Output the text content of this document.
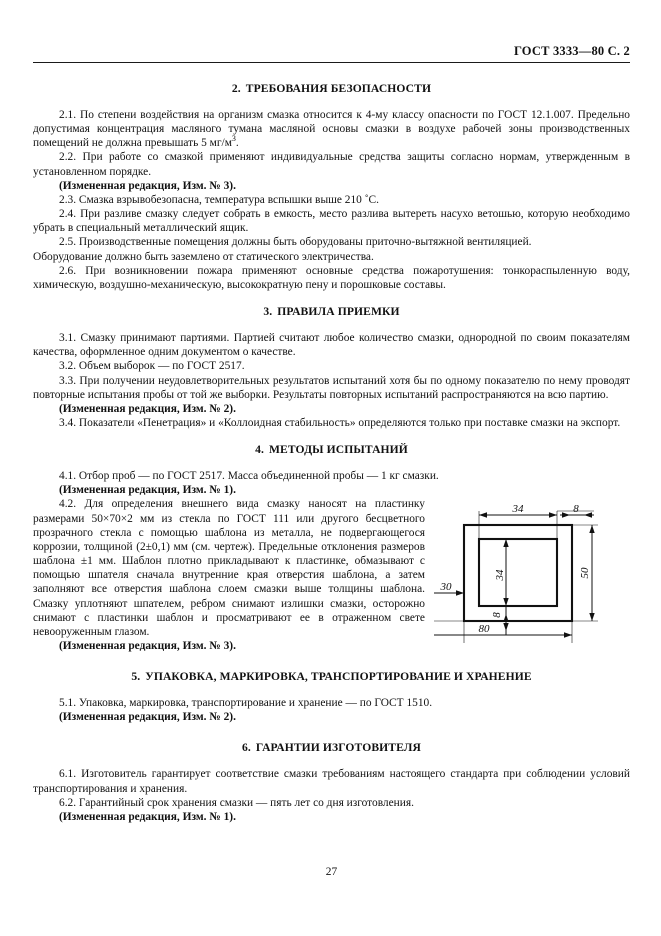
ГОСТ 3333—80 С. 2
2. ТРЕБОВАНИЯ БЕЗОПАСНОСТИ

2.1. По степени воздействия на организм смазка относится к 4-му классу опасности по ГОСТ 12.1.007. Предельно допустимая концентрация масляного тумана масляной основы смазки в воздухе рабочей зоны производственных помещений не должна превышать 5 $мг/м^3$.

2.2. При работе со смазкой применяют индивидуальные средства защиты согласно нормам, утвержденным в установленном порядке.

(Измененная редакция, Изм. № 3).

2.3. Смазка взрывобезопасна, температура вспышки выше 210 ˚С.

2.4. При разливе смазку следует собрать в емкость, место разлива вытереть насухо ветошью, которую необходимо убрать в специальный металлический ящик.

2.5. Производственные помещения должны быть оборудованы приточно-вытяжной вентиляцией.

Оборудование должно быть заземлено от статического электричества.

2.6. При возникновении пожара применяют основные средства пожаротушения: тонкораспыленную воду, химическую, воздушно-механическую, высокократную пену и порошковые составы.

3. ПРАВИЛА ПРИЕМКИ

3.1. Смазку принимают партиями. Партией считают любое количество смазки, однородной по своим показателям качества, оформленное одним документом о качестве.

3.2. Объем выборок — по ГОСТ 2517.

3.3. При получении неудовлетворительных результатов испытаний хотя бы по одному показателю по нему проводят повторные испытания пробы от той же выборки. Результаты повторных испытаний распространяются на всю партию.

(Измененная редакция, Изм. № 2).

3.4. Показатели «Пенетрация» и «Коллоидная стабильность» определяются только при поставке смазки на экспорт.

4. МЕТОДЫ ИСПЫТАНИЙ

4.1. Отбор проб — по ГОСТ 2517. Масса объединенной пробы — 1 кг смазки.

(Измененная редакция, Изм. № 1).

4.2. Для определения внешнего вида смазку наносят на пластинку размерами 50×70×2 мм из стекла по ГОСТ 111 или другого бесцветного прозрачного стекла с помощью шаблона из металла, не подвергающегося коррозии, толщиной (2±0,1) мм (см. чертеж). Предельные отклонения размеров шаблона ±1 мм. Шаблон плотно прикладывают к пластинке, обмазывают с помощью шпателя сначала внутренние края отверстия шаблона, а затем заполняют все отверстия шаблона слоем смазки выше толщины шаблона. Смазку уплотняют шпателем, ребром снимают излишки смазки, осторожно снимают с пластинки шаблон и просматривают ее в отраженном свете невооруженным глазом.

34	8
30
34
8
50
80

(Измененная редакция, Изм. № 3).

5. УПАКОВКА, МАРКИРОВКА, ТРАНСПОРТИРОВАНИЕ И ХРАНЕНИЕ

5.1. Упаковка, маркировка, транспортирование и хранение — по ГОСТ 1510.

(Измененная редакция, Изм. № 2).

6. ГАРАНТИИ ИЗГОТОВИТЕЛЯ

6.1. Изготовитель гарантирует соответствие смазки требованиям настоящего стандарта при соблюдении условий транспортирования и хранения.

6.2. Гарантийный срок хранения смазки — пять лет со дня изготовления.

(Измененная редакция, Изм. № 1).

27
